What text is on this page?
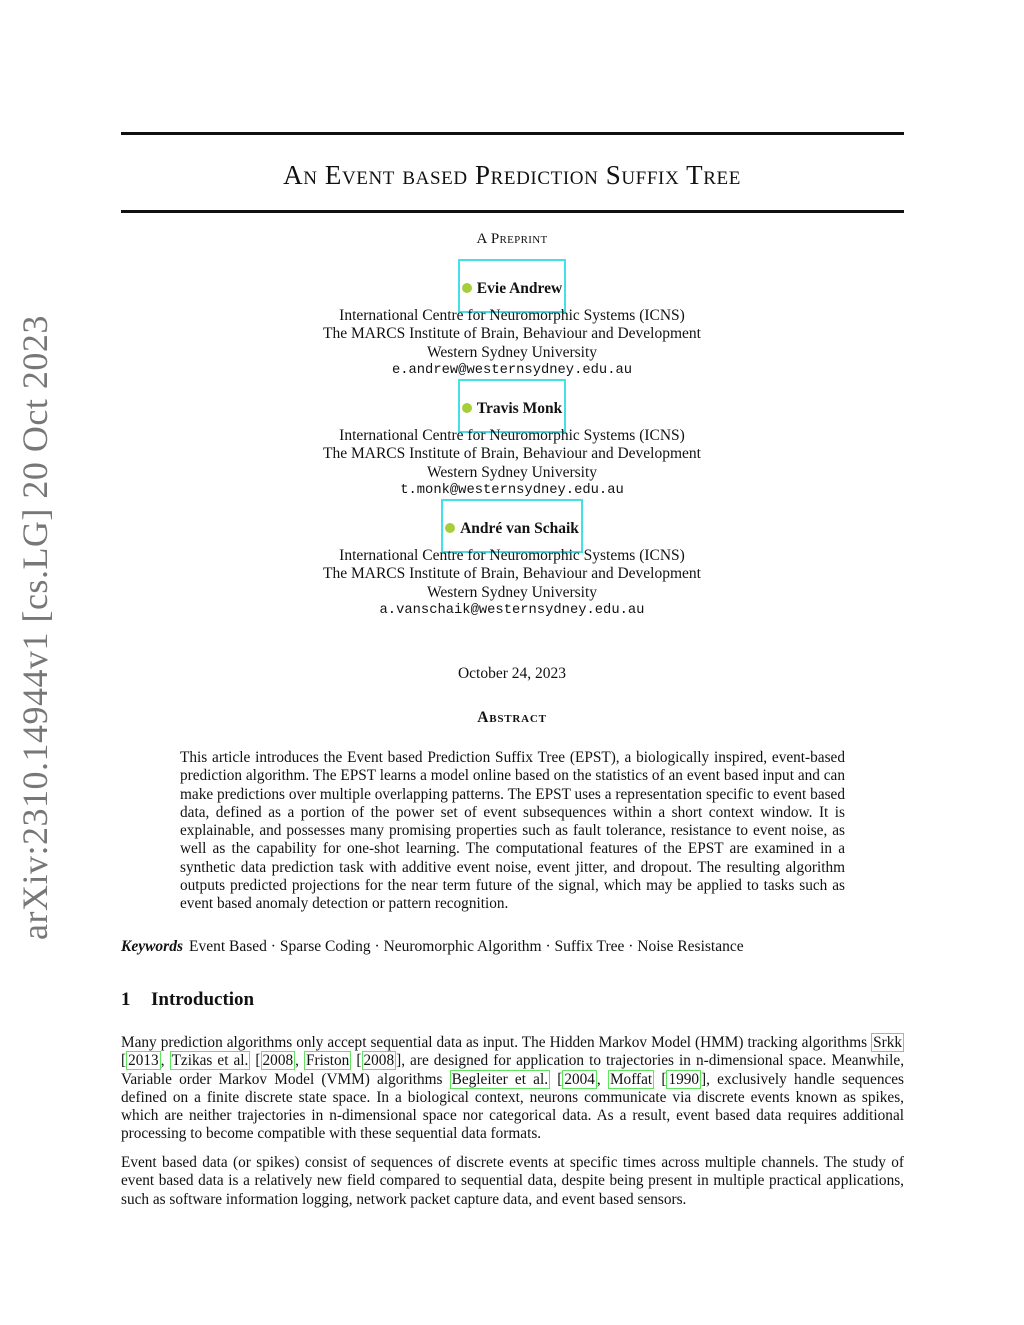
arXiv:2310.14944v1 [cs.LG] 20 Oct 2023
An Event based Prediction Suffix Tree
A Preprint
Evie Andrew
International Centre for Neuromorphic Systems (ICNS)
The MARCS Institute of Brain, Behaviour and Development
Western Sydney University
e.andrew@westernsydney.edu.au
Travis Monk
International Centre for Neuromorphic Systems (ICNS)
The MARCS Institute of Brain, Behaviour and Development
Western Sydney University
t.monk@westernsydney.edu.au
André van Schaik
International Centre for Neuromorphic Systems (ICNS)
The MARCS Institute of Brain, Behaviour and Development
Western Sydney University
a.vanschaik@westernsydney.edu.au
October 24, 2023
Abstract
This article introduces the Event based Prediction Suffix Tree (EPST), a biologically inspired, event-based prediction algorithm. The EPST learns a model online based on the statistics of an event based input and can make predictions over multiple overlapping patterns. The EPST uses a representation specific to event based data, defined as a portion of the power set of event subsequences within a short context window. It is explainable, and possesses many promising properties such as fault tolerance, resistance to event noise, as well as the capability for one-shot learning. The computational features of the EPST are examined in a synthetic data prediction task with additive event noise, event jitter, and dropout. The resulting algorithm outputs predicted projections for the near term future of the signal, which may be applied to tasks such as event based anomaly detection or pattern recognition.
Keywords Event Based · Sparse Coding · Neuromorphic Algorithm · Suffix Tree · Noise Resistance
1 Introduction
Many prediction algorithms only accept sequential data as input. The Hidden Markov Model (HMM) tracking algorithms Srkk [ 2013 , Tzikas et al. [ 2008 , Friston [ 2008 ], are designed for application to trajectories in n-dimensional space. Meanwhile, Variable order Markov Model (VMM) algorithms Begleiter et al. [ 2004 , Moffat [ 1990 ], exclusively handle sequences defined on a finite discrete state space. In a biological context, neurons communicate via discrete events known as spikes, which are neither trajectories in n-dimensional space nor categorical data. As a result, event based data requires additional processing to become compatible with these sequential data formats.
Event based data (or spikes) consist of sequences of discrete events at specific times across multiple channels. The study of event based data is a relatively new field compared to sequential data, despite being present in multiple practical applications, such as software information logging, network packet capture data, and event based sensors.
